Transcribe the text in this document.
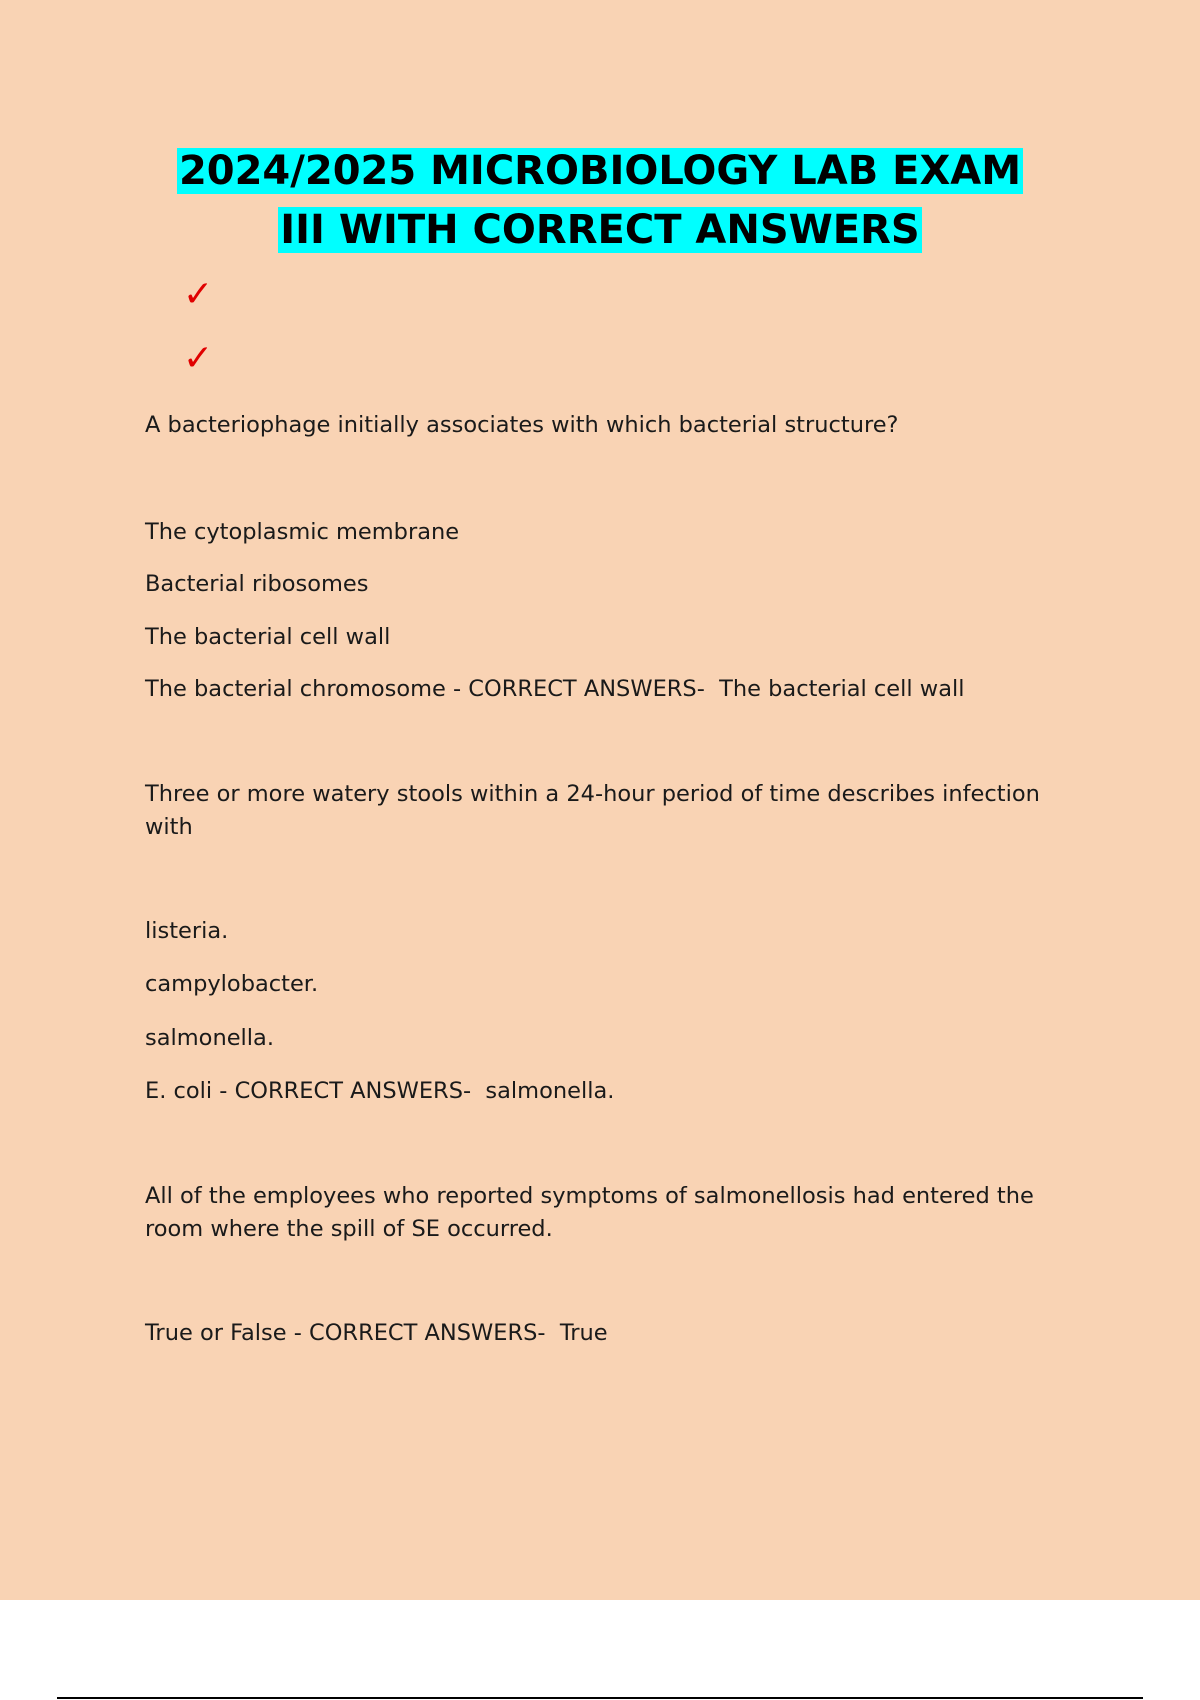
2024/2025 MICROBIOLOGY LAB EXAM
III WITH CORRECT ANSWERS
✓
✓

A bacteriophage initially associates with which bacterial structure?

The cytoplasmic membrane

Bacterial ribosomes

The bacterial cell wall

The bacterial chromosome - CORRECT ANSWERS-  The bacterial cell wall

Three or more watery stools within a 24-hour period of time describes infection with

listeria.

campylobacter.

salmonella.

E. coli - CORRECT ANSWERS-  salmonella.

All of the employees who reported symptoms of salmonellosis had entered the room where the spill of SE occurred.

True or False - CORRECT ANSWERS-  True
